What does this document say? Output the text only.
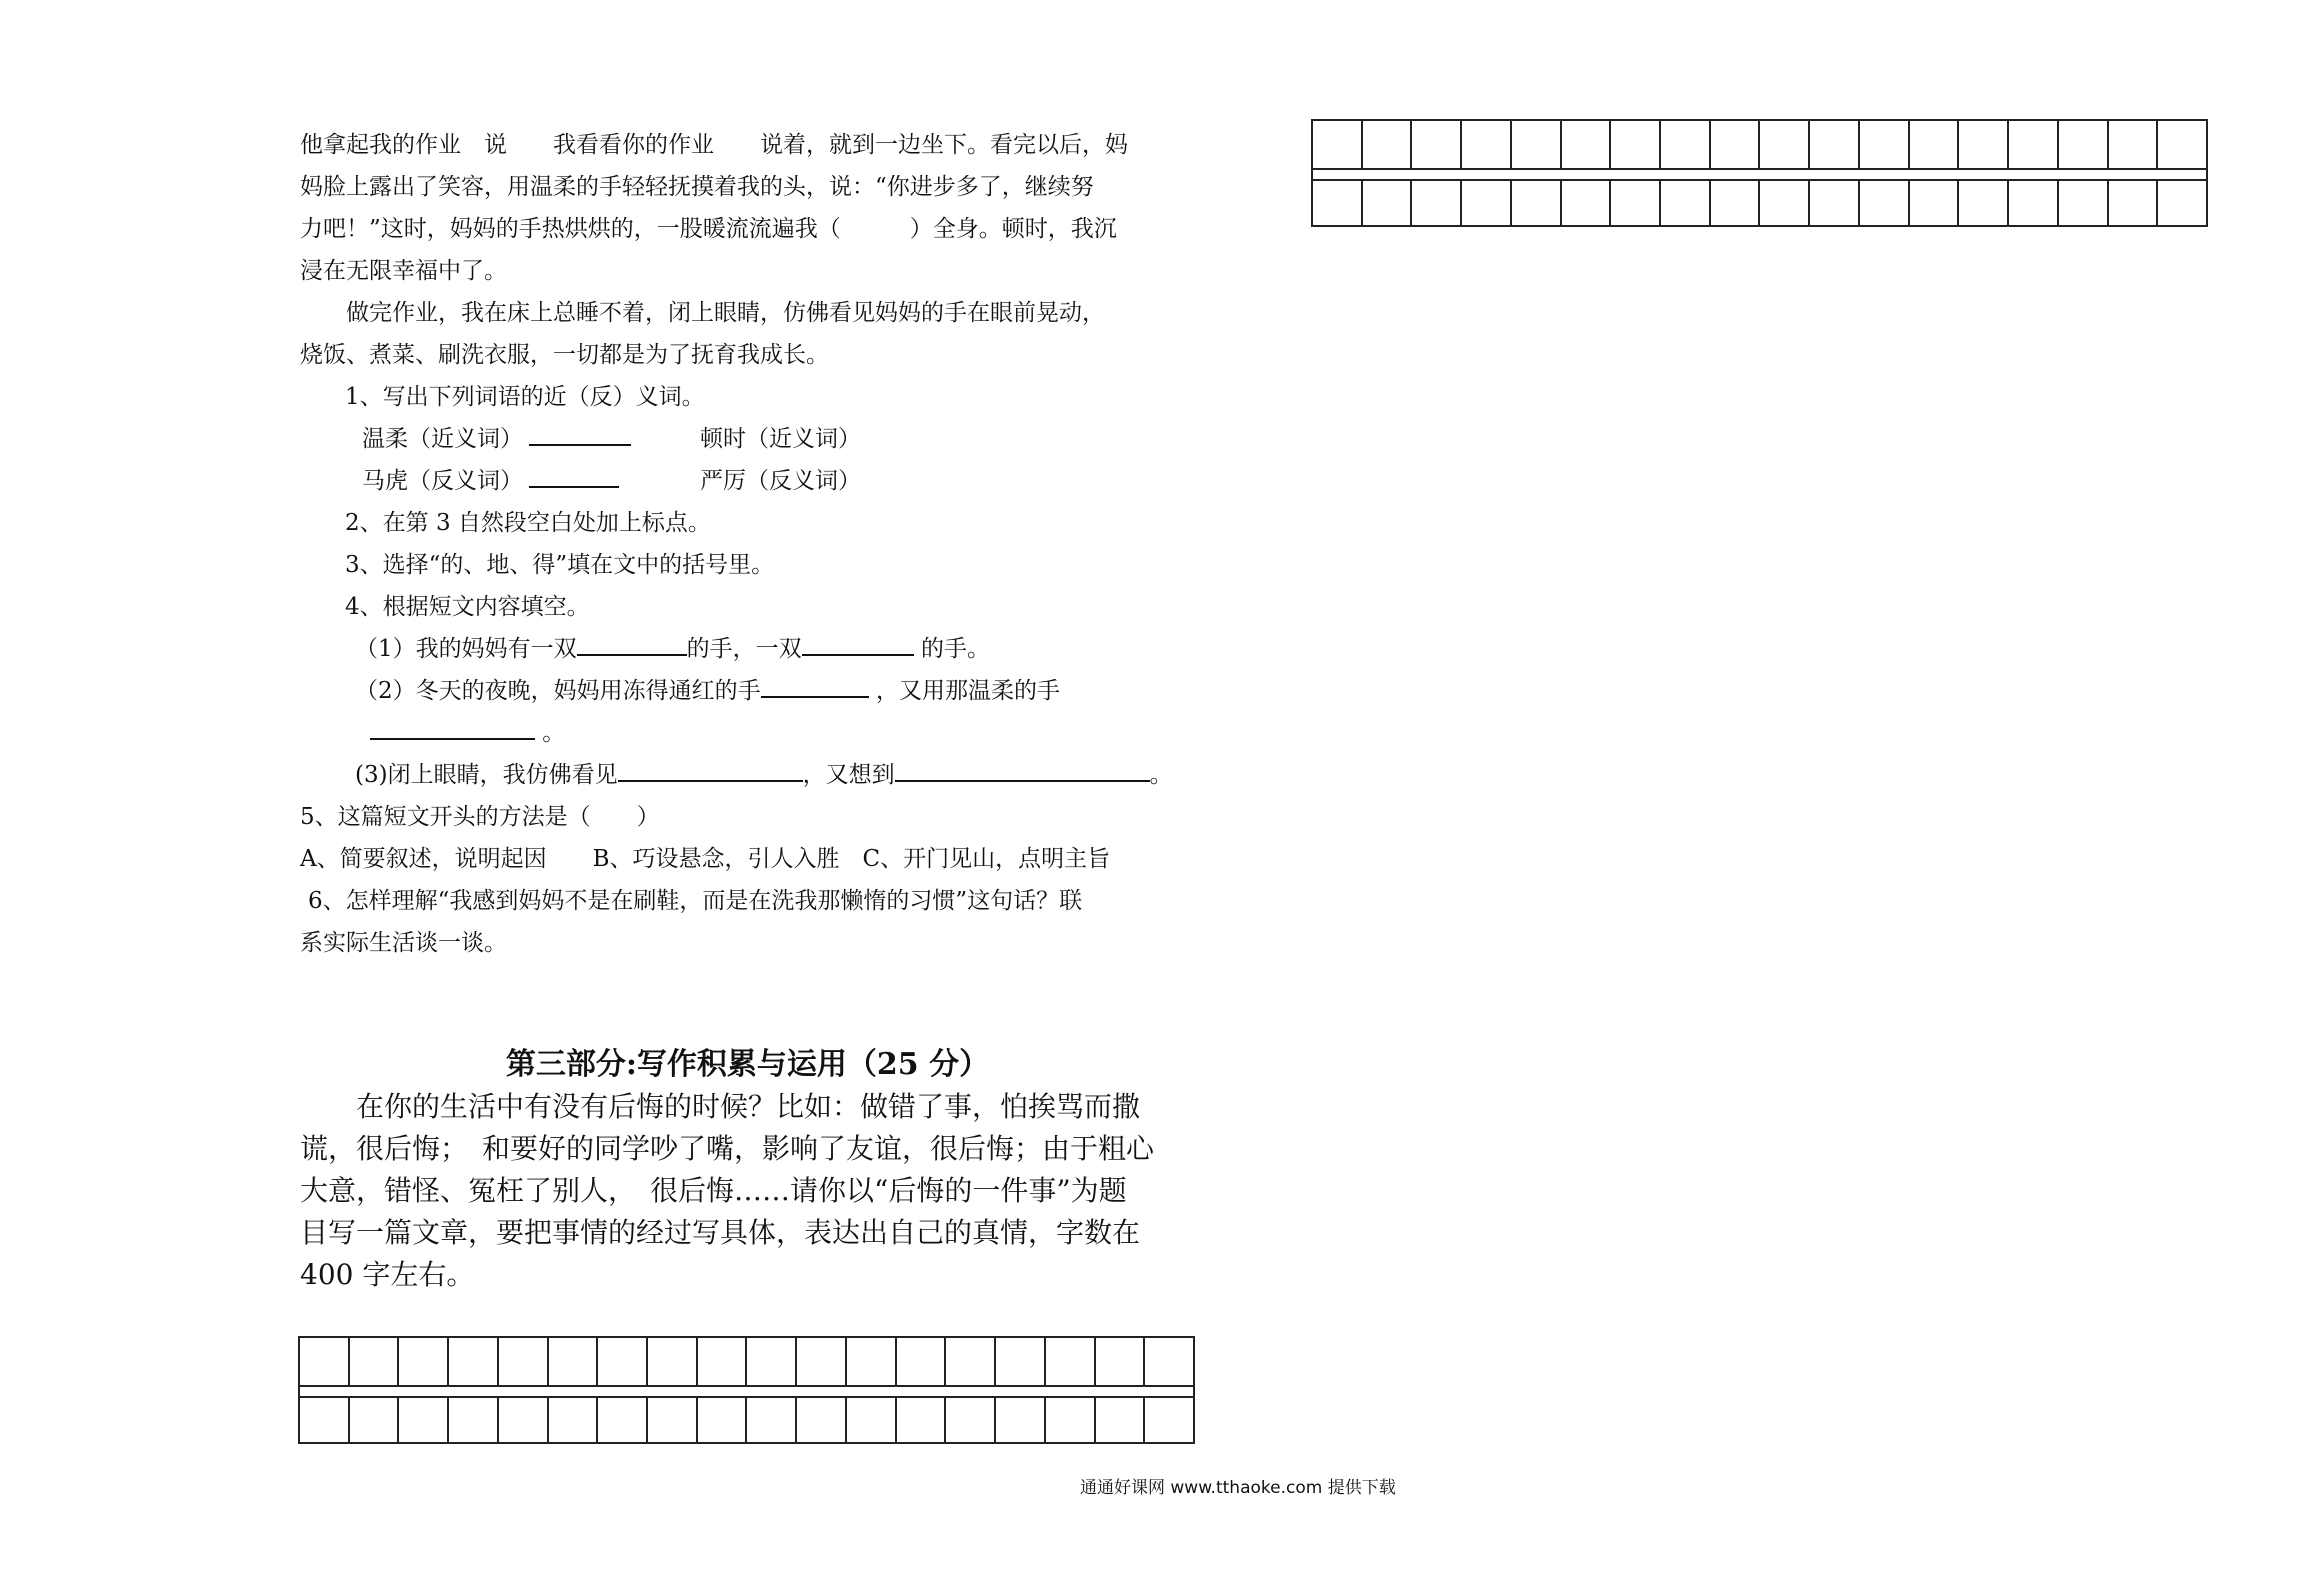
他拿起我的作业　说　　我看看你的作业　　说着，就到一边坐下。看完以后，妈
妈脸上露出了笑容，用温柔的手轻轻抚摸着我的头，说：“你进步多了，继续努
力吧！”这时，妈妈的手热烘烘的，一股暖流流遍我（　　　）全身。顿时，我沉
浸在无限幸福中了。
　　做完作业，我在床上总睡不着，闭上眼睛，仿佛看见妈妈的手在眼前晃动，
烧饭、煮菜、刷洗衣服，一切都是为了抚育我成长。
1、写出下列词语的近（反）义词。
温柔（近义词）	顿时（近义词）
马虎（反义词）	严厉（反义词）
2、在第 3 自然段空白处加上标点。
3、选择“的、地、得”填在文中的括号里。
4、根据短文内容填空。
（1）我的妈妈有一双	的手，一双	的手。
（2）冬天的夜晚，妈妈用冻得通红的手	，又用那温柔的手
。
(3)闭上眼睛，我仿佛看见	，又想到	。
5、这篇短文开头的方法是（　　）
A、简要叙述，说明起因　　B、巧设悬念，引人入胜　C、开门见山，点明主旨
6、怎样理解“我感到妈妈不是在刷鞋，而是在洗我那懒惰的习惯”这句话？联
系实际生活谈一谈。
第三部分:写作积累与运用（25 分）
　　在你的生活中有没有后悔的时候？比如：做错了事，怕挨骂而撒
谎，很后悔；　和要好的同学吵了嘴，影响了友谊，很后悔；由于粗心
大意，错怪、冤枉了别人，　很后悔……请你以“后悔的一件事”为题
目写一篇文章，要把事情的经过写具体，表达出自己的真情，字数在
400 字左右。
通通好课网 www.tthaoke.com 提供下载
